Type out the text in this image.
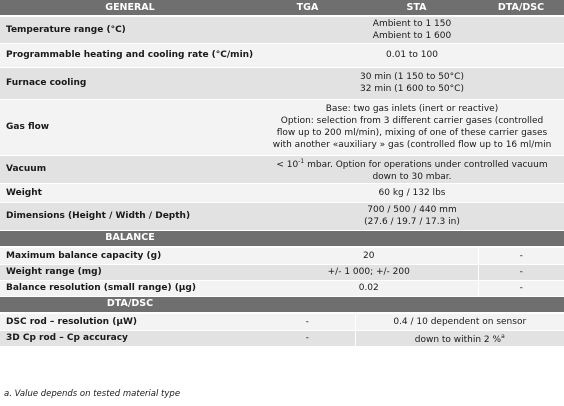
GENERAL	TGA	STA	DTA/DSC
Temperature range (°C)	Ambient to 1 150
Ambient to 1 600		

Programmable heating and cooling rate (°C/min)	0.01 to 100		
Furnace cooling	30 min (1 150 to 50°C)
32 min (1 600 to 50°C)		

Gas flow	Base: two gas inlets (inert or reactive)
Option: selection from 3 different carrier gases (controlled
flow up to 200 ml/min), mixing of one of these carrier gases
with another «auxiliary » gas (controlled flow up to 16 ml/min		

Vacuum	< $10^{-1}$ mbar. Option for operations under controlled vacuum
down to 30 mbar.		

Weight	60 kg / 132 lbs		
Dimensions (Height / Width / Depth)	700 / 500 / 440 mm
(27.6 / 19.7 / 17.3 in)		

BALANCE			
Maximum balance capacity (g)	20		-
Weight range (mg)	+/- 1 000; +/- 200		-
Balance resolution (small range) (µg)	0.02		-
DTA/DSC			
DSC rod – resolution (µW)	-	0.4 / 10 dependent on sensor	
3D Cp rod – Cp accuracy	-	down to within 2 %$^a$
a. Value depends on tested material type
